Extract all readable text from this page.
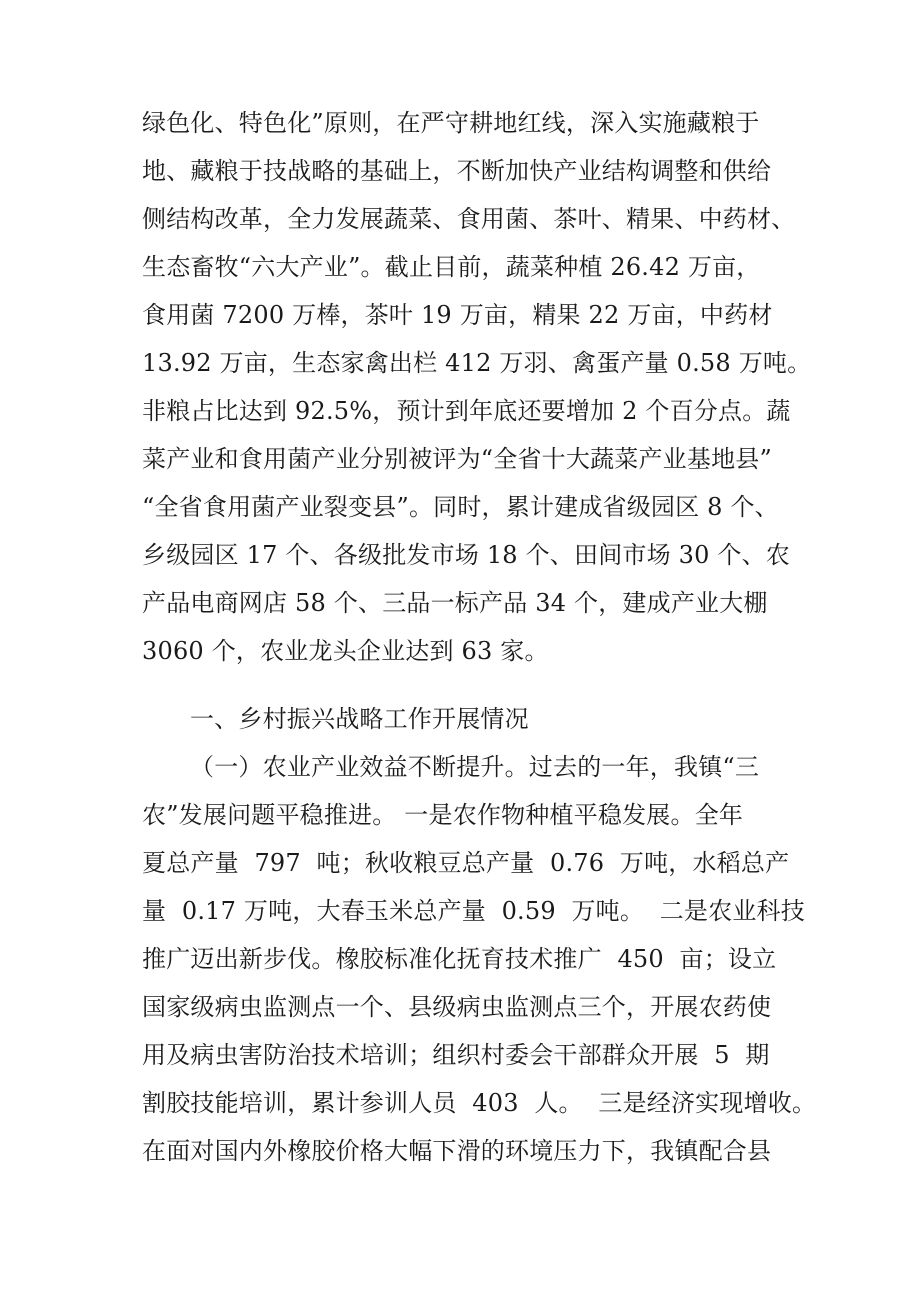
绿色化、特色化”原则，在严守耕地红线，深入实施藏粮于
地、藏粮于技战略的基础上，不断加快产业结构调整和供给
侧结构改革，全力发展蔬菜、食用菌、茶叶、精果、中药材、
生态畜牧“六大产业”。截止目前，蔬菜种植 26.42 万亩，
食用菌 7200 万棒，茶叶 19 万亩，精果 22 万亩，中药材
13.92 万亩，生态家禽出栏 412 万羽、禽蛋产量 0.58 万吨。
非粮占比达到 92.5%，预计到年底还要增加 2 个百分点。蔬
菜产业和食用菌产业分别被评为“全省十大蔬菜产业基地县”
“全省食用菌产业裂变县”。同时，累计建成省级园区 8 个、
乡级园区 17 个、各级批发市场 18 个、田间市场 30 个、农
产品电商网店 58 个、三品一标产品 34 个，建成产业大棚
3060 个，农业龙头企业达到 63 家。
一、乡村振兴战略工作开展情况
（一）农业产业效益不断提升。过去的一年，我镇“三
农”发展问题平稳推进。 一是农作物种植平稳发展。全年
夏总产量  797  吨；秋收粮豆总产量  0.76  万吨，水稻总产
量  0.17 万吨，大春玉米总产量  0.59  万吨。  二是农业科技
推广迈出新步伐。橡胶标准化抚育技术推广  450  亩；设立
国家级病虫监测点一个、县级病虫监测点三个，开展农药使
用及病虫害防治技术培训；组织村委会干部群众开展  5  期
割胶技能培训，累计参训人员  403  人。  三是经济实现增收。
在面对国内外橡胶价格大幅下滑的环境压力下，我镇配合县
